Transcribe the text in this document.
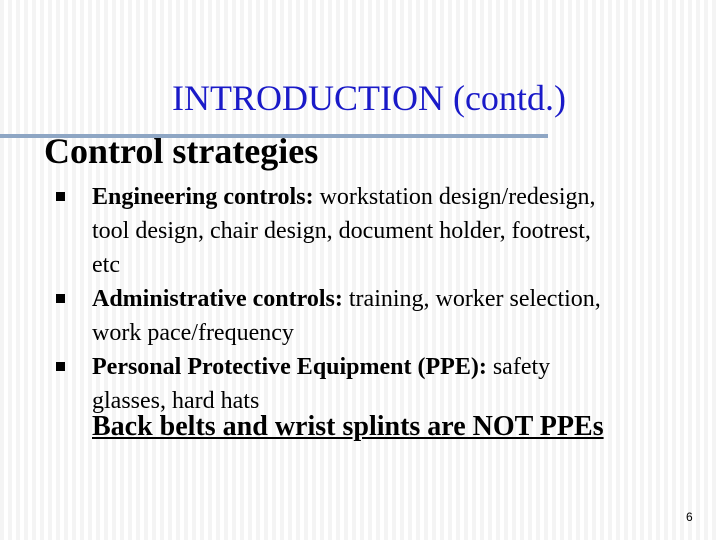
INTRODUCTION (contd.)
Control strategies
Engineering controls: workstation design/redesign,
tool design, chair design, document holder, footrest,
etc
Administrative controls: training, worker selection,
work pace/frequency
Personal Protective Equipment (PPE): safety
glasses, hard hats
Back belts and wrist splints are NOT PPEs
6
